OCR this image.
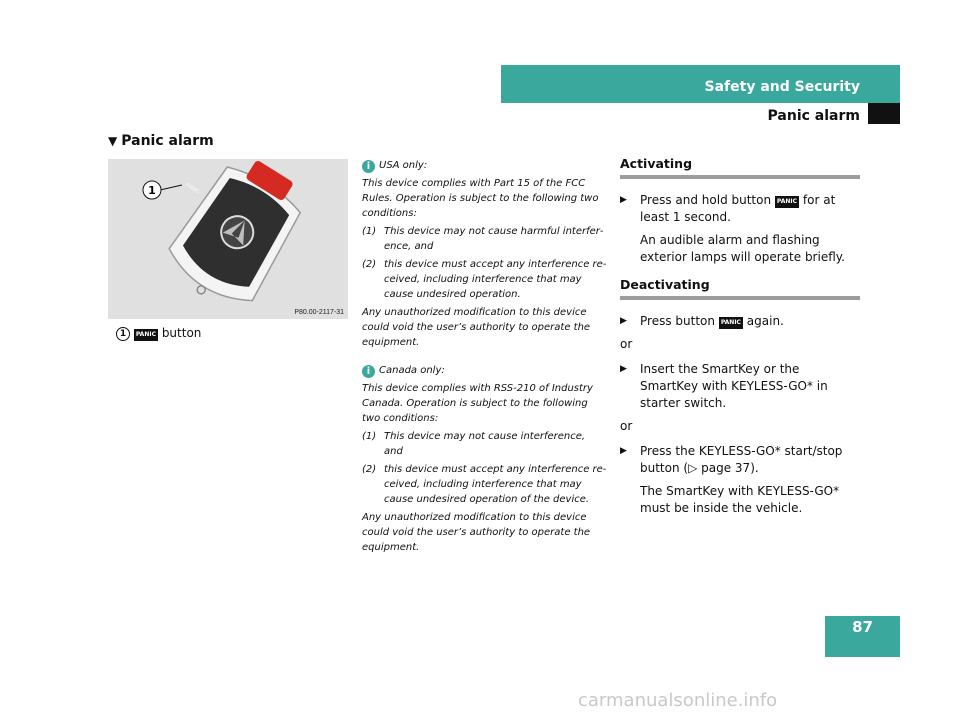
Safety and Security
Panic alarm
▼ Panic alarm
PANIC
1
P80.00-2117-31
1 PANIC button

i USA only:

This device complies with Part 15 of the FCC Rules. Operation is subject to the following two conditions:

(1) This device may not cause harmful interference, and
(2) this device must accept any interference received, including interference that may cause undesired operation.

Any unauthorized modification to this device could void the user’s authority to operate the equipment.

i Canada only:

This device complies with RSS-210 of Industry Canada. Operation is subject to the following two conditions:

(1) This device may not cause interference, and
(2) this device must accept any interference received, including interference that may cause undesired operation of the device.

Any unauthorized modification to this device could void the user’s authority to operate the equipment.

Activating
▶	Press and hold button PANIC for at least 1 second.
An audible alarm and flashing exterior lamps will operate briefly.
Deactivating
▶	Press button PANIC again.
or
▶	Insert the SmartKey or the SmartKey with KEYLESS-GO* in starter switch.
or
▶	Press the KEYLESS-GO* start/stop button (▷ page 37).
The SmartKey with KEYLESS-GO* must be inside the vehicle.
87
carmanualsonline.info
